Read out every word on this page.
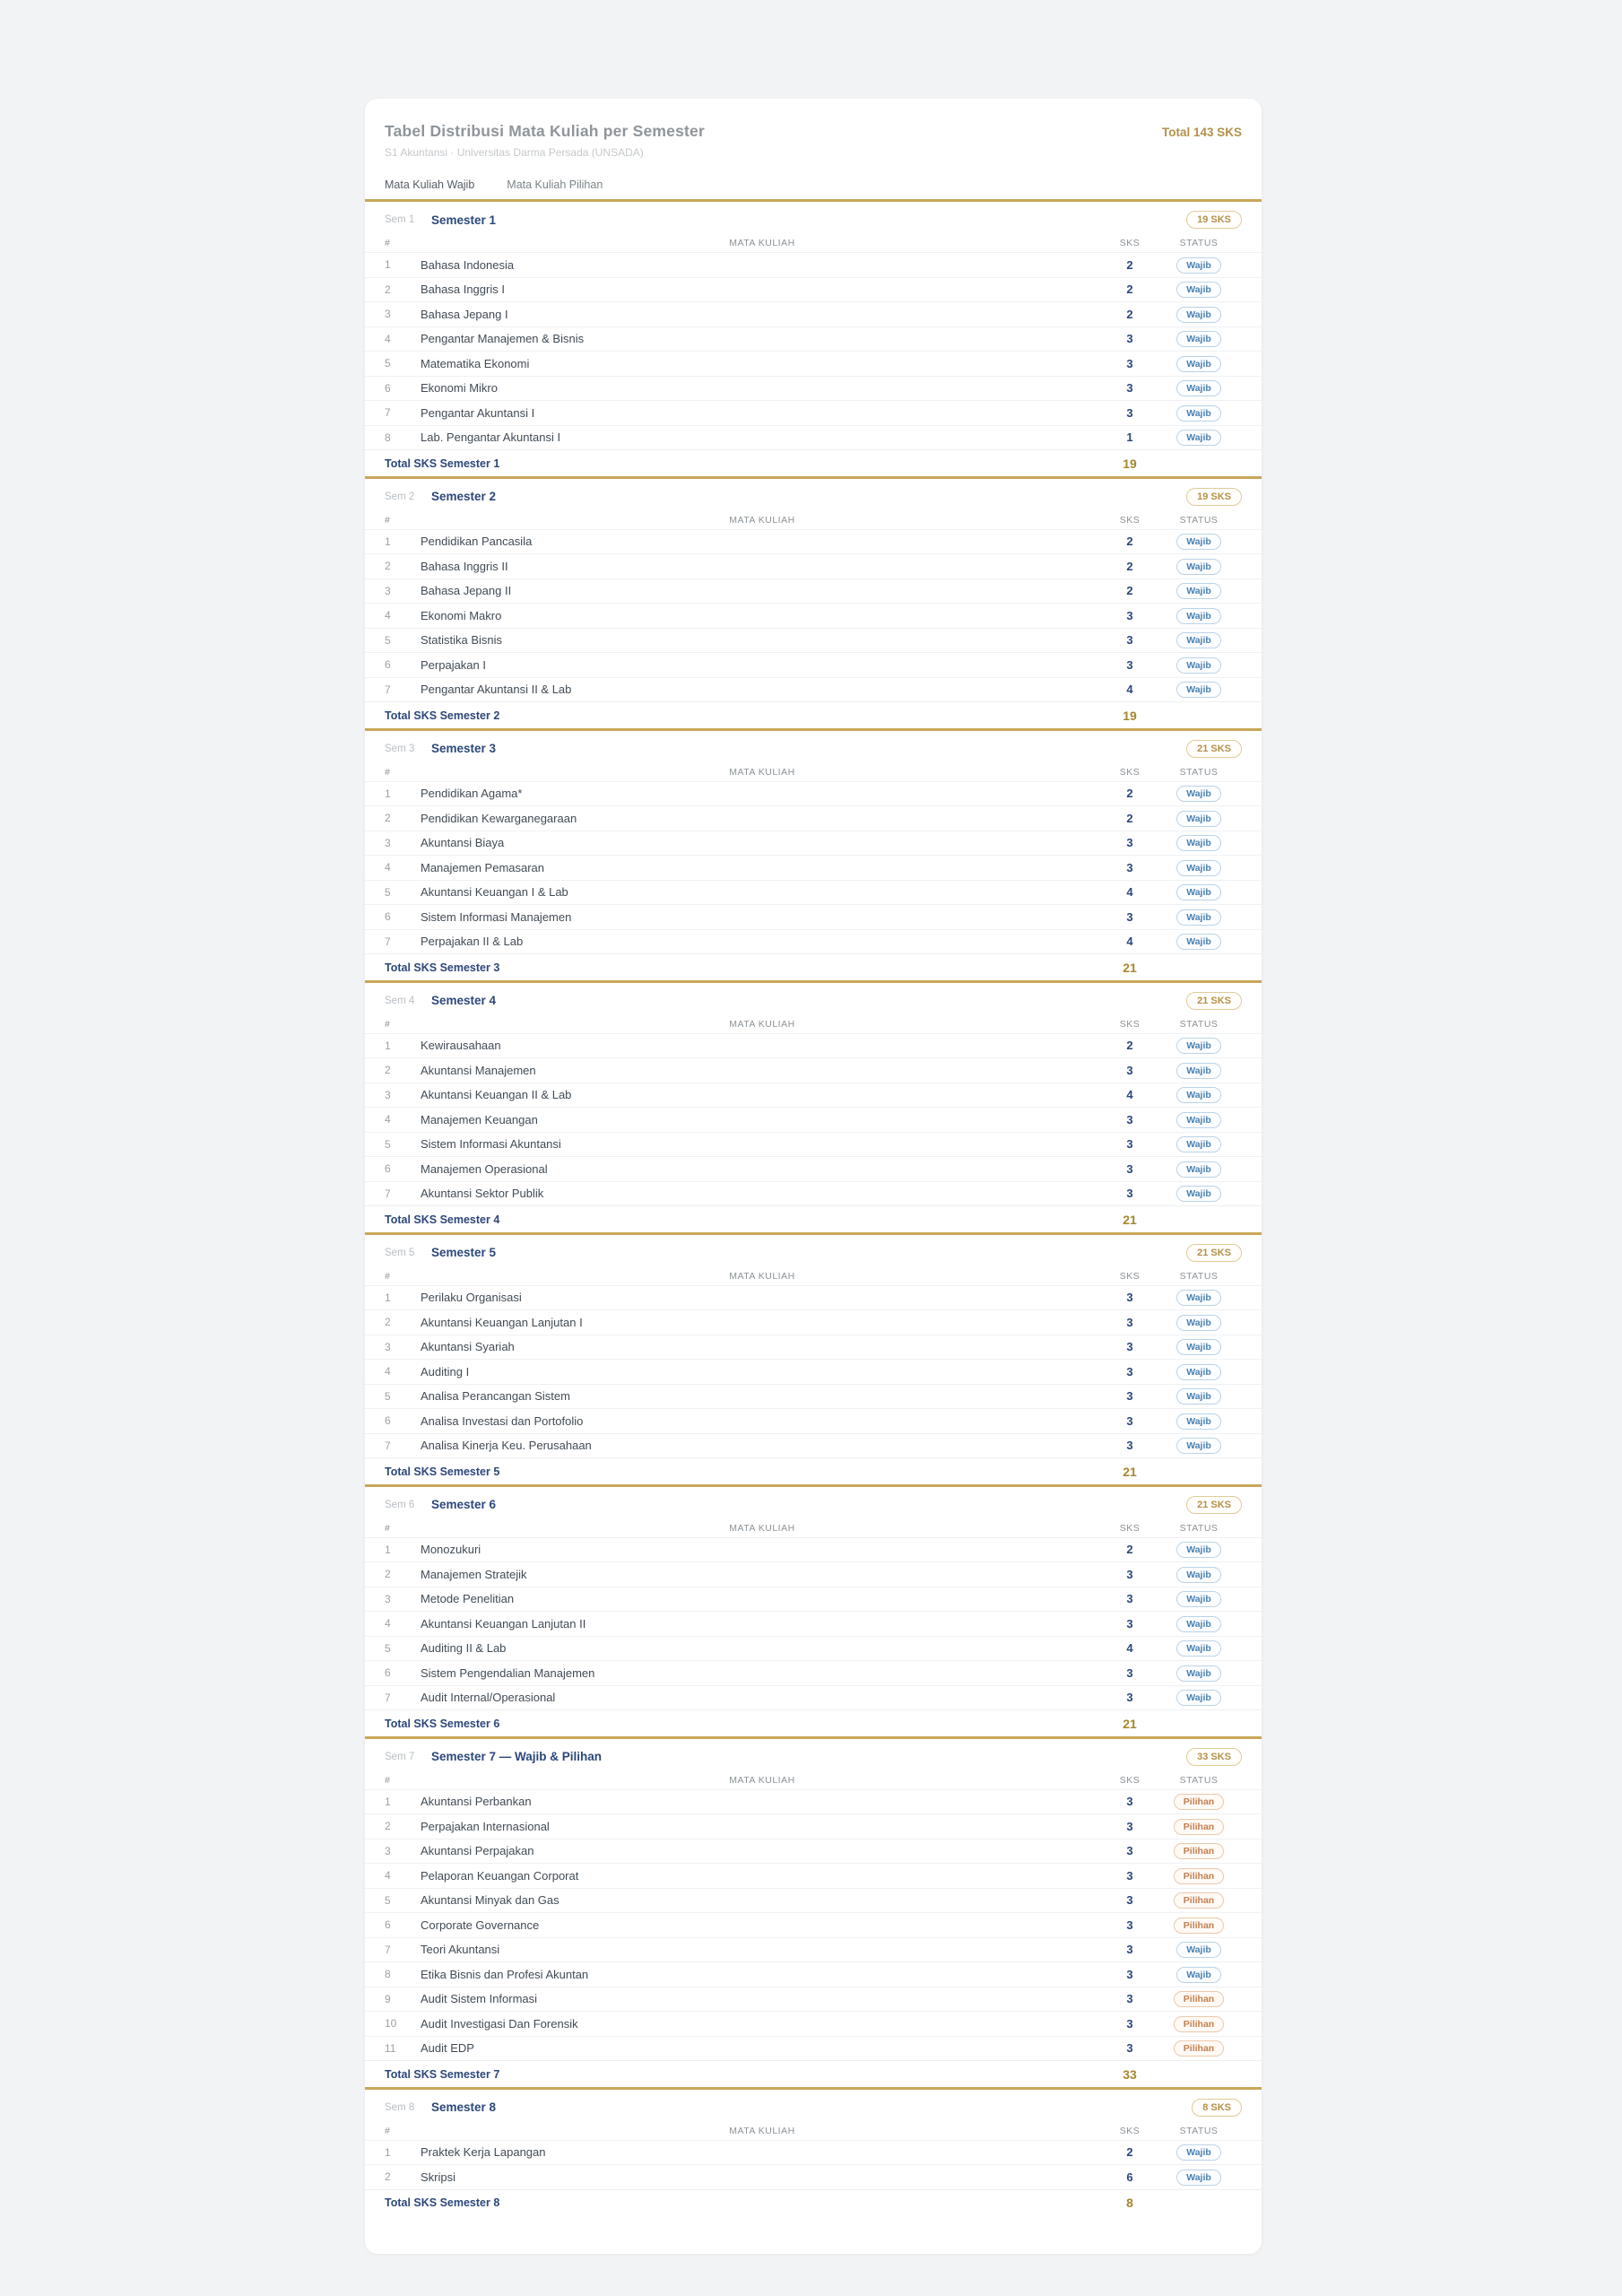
Tabel Distribusi Mata Kuliah per Semester
S1 Akuntansi · Universitas Darma Persada (UNSADA)
Total 143 SKS
Mata Kuliah Wajib	Mata Kuliah Pilihan
Sem 1	Semester 1	19 SKS
#	MATA KULIAH	SKS	STATUS
1	Bahasa Indonesia	2	Wajib
2	Bahasa Inggris I	2	Wajib
3	Bahasa Jepang I	2	Wajib
4	Pengantar Manajemen & Bisnis	3	Wajib
5	Matematika Ekonomi	3	Wajib
6	Ekonomi Mikro	3	Wajib
7	Pengantar Akuntansi I	3	Wajib
8	Lab. Pengantar Akuntansi I	1	Wajib
Total SKS Semester 1	19
Sem 2	Semester 2	19 SKS
#	MATA KULIAH	SKS	STATUS
1	Pendidikan Pancasila	2	Wajib
2	Bahasa Inggris II	2	Wajib
3	Bahasa Jepang II	2	Wajib
4	Ekonomi Makro	3	Wajib
5	Statistika Bisnis	3	Wajib
6	Perpajakan I	3	Wajib
7	Pengantar Akuntansi II & Lab	4	Wajib
Total SKS Semester 2	19
Sem 3	Semester 3	21 SKS
#	MATA KULIAH	SKS	STATUS
1	Pendidikan Agama*	2	Wajib
2	Pendidikan Kewarganegaraan	2	Wajib
3	Akuntansi Biaya	3	Wajib
4	Manajemen Pemasaran	3	Wajib
5	Akuntansi Keuangan I & Lab	4	Wajib
6	Sistem Informasi Manajemen	3	Wajib
7	Perpajakan II & Lab	4	Wajib
Total SKS Semester 3	21
Sem 4	Semester 4	21 SKS
#	MATA KULIAH	SKS	STATUS
1	Kewirausahaan	2	Wajib
2	Akuntansi Manajemen	3	Wajib
3	Akuntansi Keuangan II & Lab	4	Wajib
4	Manajemen Keuangan	3	Wajib
5	Sistem Informasi Akuntansi	3	Wajib
6	Manajemen Operasional	3	Wajib
7	Akuntansi Sektor Publik	3	Wajib
Total SKS Semester 4	21
Sem 5	Semester 5	21 SKS
#	MATA KULIAH	SKS	STATUS
1	Perilaku Organisasi	3	Wajib
2	Akuntansi Keuangan Lanjutan I	3	Wajib
3	Akuntansi Syariah	3	Wajib
4	Auditing I	3	Wajib
5	Analisa Perancangan Sistem	3	Wajib
6	Analisa Investasi dan Portofolio	3	Wajib
7	Analisa Kinerja Keu. Perusahaan	3	Wajib
Total SKS Semester 5	21
Sem 6	Semester 6	21 SKS
#	MATA KULIAH	SKS	STATUS
1	Monozukuri	2	Wajib
2	Manajemen Stratejik	3	Wajib
3	Metode Penelitian	3	Wajib
4	Akuntansi Keuangan Lanjutan II	3	Wajib
5	Auditing II & Lab	4	Wajib
6	Sistem Pengendalian Manajemen	3	Wajib
7	Audit Internal/Operasional	3	Wajib
Total SKS Semester 6	21
Sem 7	Semester 7 — Wajib & Pilihan	33 SKS
#	MATA KULIAH	SKS	STATUS
1	Akuntansi Perbankan	3	Pilihan
2	Perpajakan Internasional	3	Pilihan
3	Akuntansi Perpajakan	3	Pilihan
4	Pelaporan Keuangan Corporat	3	Pilihan
5	Akuntansi Minyak dan Gas	3	Pilihan
6	Corporate Governance	3	Pilihan
7	Teori Akuntansi	3	Wajib
8	Etika Bisnis dan Profesi Akuntan	3	Wajib
9	Audit Sistem Informasi	3	Pilihan
10	Audit Investigasi Dan Forensik	3	Pilihan
11	Audit EDP	3	Pilihan
Total SKS Semester 7	33
Sem 8	Semester 8	8 SKS
#	MATA KULIAH	SKS	STATUS
1	Praktek Kerja Lapangan	2	Wajib
2	Skripsi	6	Wajib
Total SKS Semester 8	8
